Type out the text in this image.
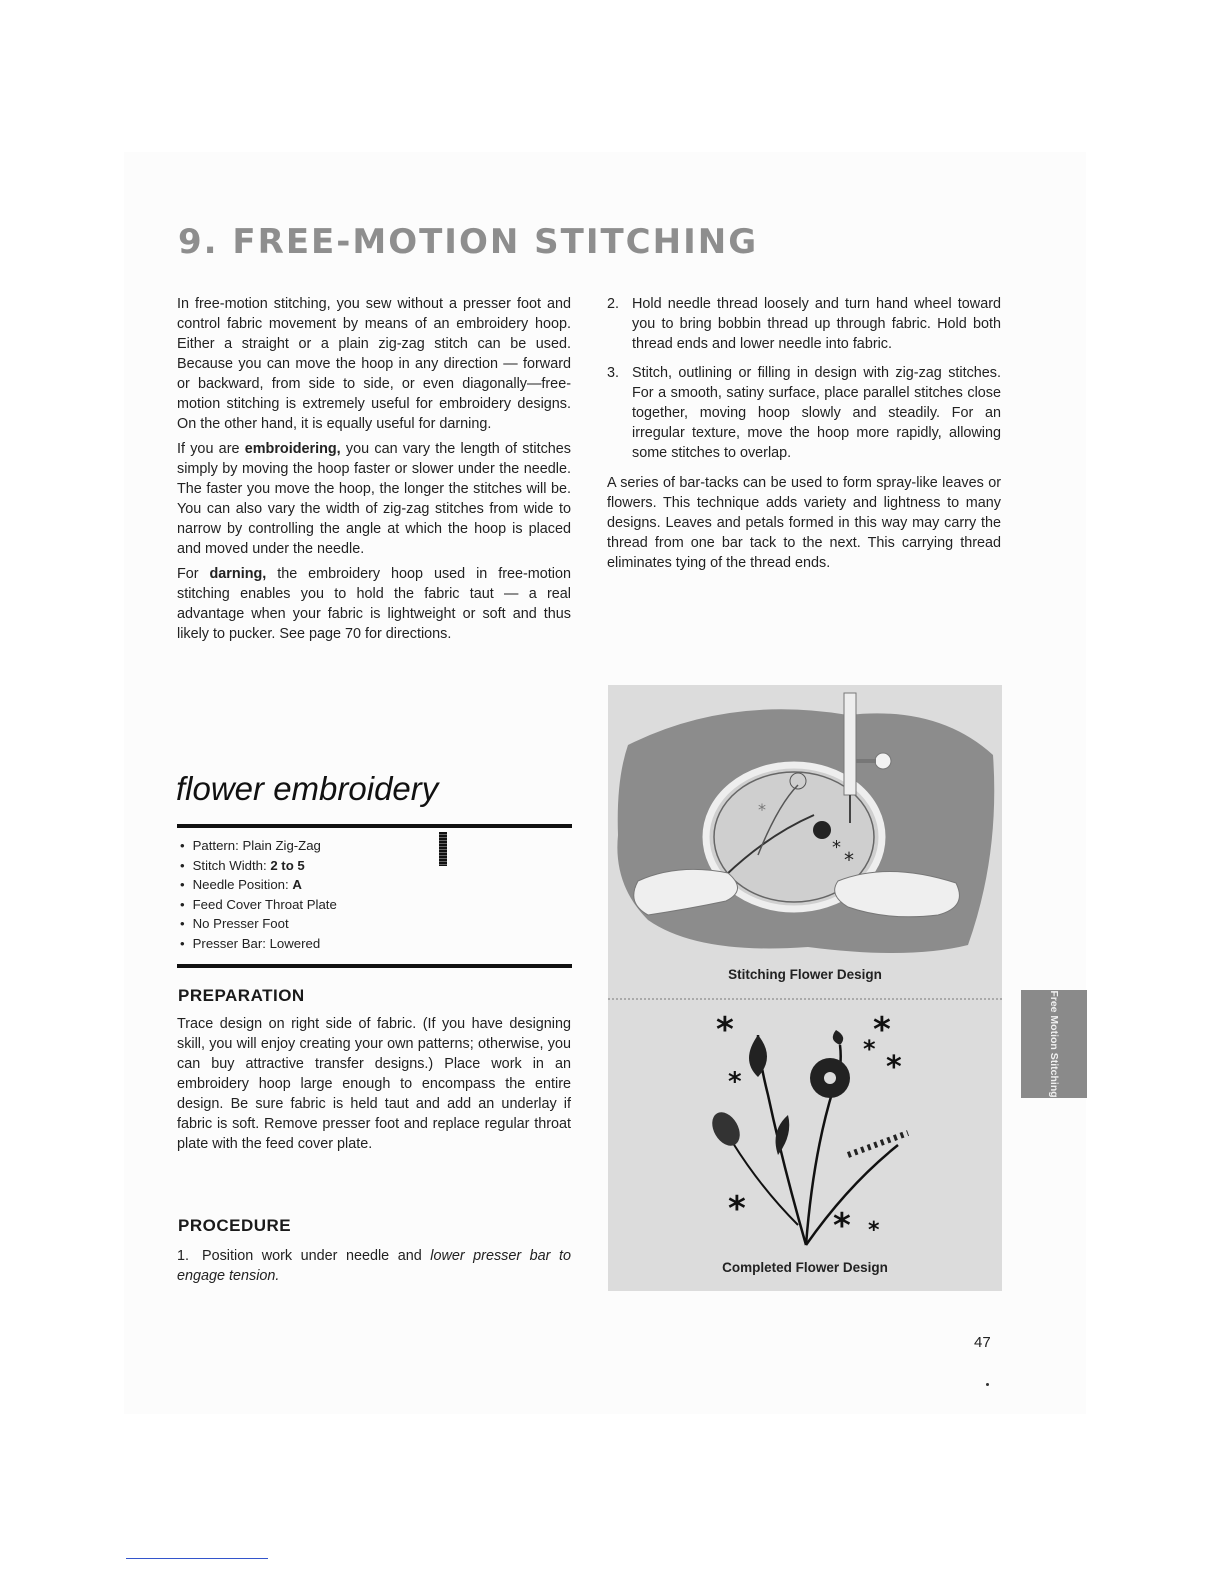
9. FREE-MOTION STITCHING

In free-motion stitching, you sew without a presser foot and control fabric movement by means of an embroidery hoop. Either a straight or a plain zig-zag stitch can be used. Because you can move the hoop in any direction — forward or backward, from side to side, or even diagonally—free-motion stitching is extremely useful for embroidery designs. On the other hand, it is equally useful for darning.

If you are embroidering, you can vary the length of stitches simply by moving the hoop faster or slower under the needle. The faster you move the hoop, the longer the stitches will be. You can also vary the width of zig-zag stitches from wide to narrow by controlling the angle at which the hoop is placed and moved under the needle.

For darning, the embroidery hoop used in free-motion stitching enables you to hold the fabric taut — a real advantage when your fabric is lightweight or soft and thus likely to pucker. See page 70 for directions.

flower embroidery
• Pattern: Plain Zig-Zag
• Stitch Width: 2 to 5
• Needle Position: A
• Feed Cover Throat Plate
• No Presser Foot
• Presser Bar: Lowered
PREPARATION

Trace design on right side of fabric. (If you have designing skill, you will enjoy creating your own patterns; otherwise, you can buy attractive transfer designs.) Place work in an embroidery hoop large enough to encompass the entire design. Be sure fabric is held taut and add an underlay if fabric is soft. Remove presser foot and replace regular throat plate with the feed cover plate.

PROCEDURE
1. Position work under needle and lower presser bar to engage tension.
2. Hold needle thread loosely and turn hand wheel toward you to bring bobbin thread up through fabric. Hold both thread ends and lower needle into fabric.
3. Stitch, outlining or filling in design with zig-zag stitches. For a smooth, satiny surface, place parallel stitches close together, moving hoop slowly and steadily. For an irregular texture, move the hoop more rapidly, allowing some stitches to overlap.

A series of bar-tacks can be used to form spray-like leaves or flowers. This technique adds variety and lightness to many designs. Leaves and petals formed in this way may carry the thread from one bar tack to the next. This carrying thread eliminates tying of the thread ends.

*
*
*
*	*
*
*
*
*	* *
Stitching Flower Design
Completed Flower Design
Free Motion Stitching

47
